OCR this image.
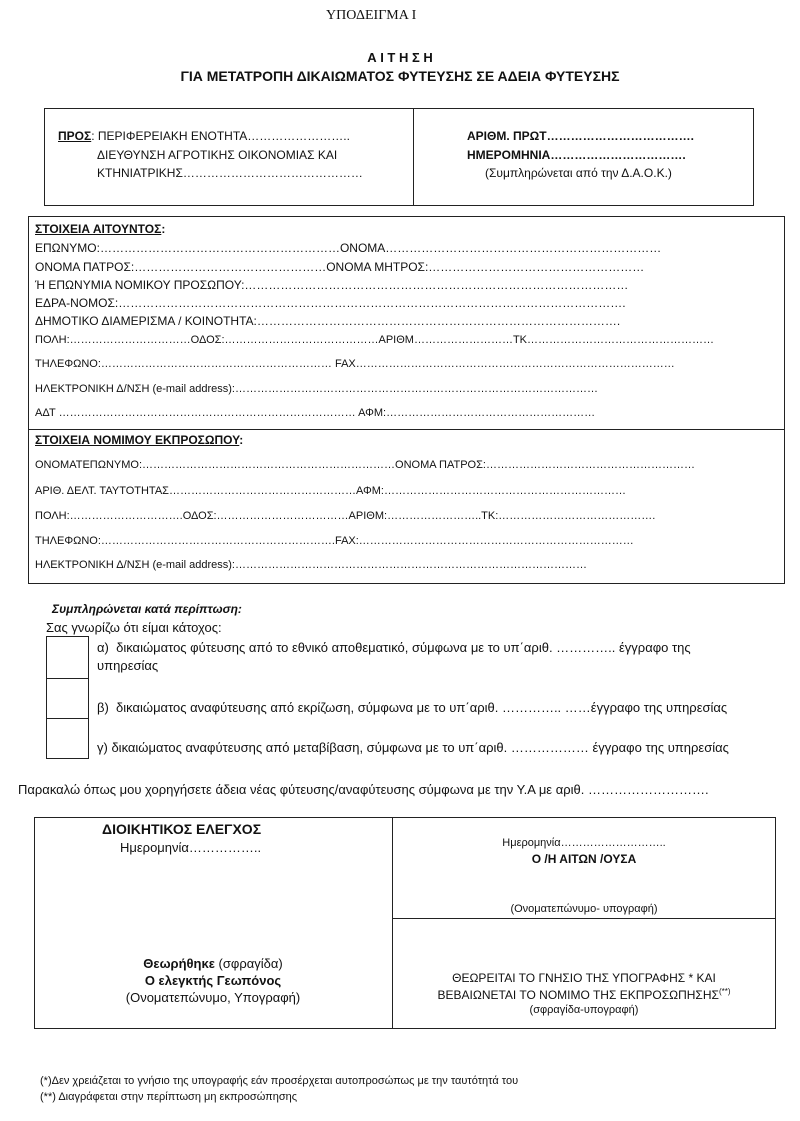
ΥΠΟΔΕΙΓΜΑ Ι
Α Ι Τ Η Σ Η
ΓΙΑ ΜΕΤΑΤΡΟΠΗ ΔΙΚΑΙΩΜΑΤΟΣ ΦΥΤΕΥΣΗΣ ΣΕ ΑΔΕΙΑ ΦΥΤΕΥΣΗΣ
ΠΡΟΣ: ΠΕΡΙΦΕΡΕΙΑΚΗ ΕΝΟΤΗΤΑ……………………..
ΔΙΕΥΘΥΝΣΗ ΑΓΡΟΤΙΚΗΣ ΟΙΚΟΝΟΜΙΑΣ ΚΑΙ
ΚΤΗΝΙΑΤΡΙΚΗΣ………………………………………
ΑΡΙΘΜ. ΠΡΩΤ……………………………….
ΗΜΕΡΟΜΗΝΙΑ…………………………….
(Συμπληρώνεται από την Δ.Α.Ο.Κ.)
ΣΤΟΙΧΕΙΑ ΑΙΤΟΥΝΤΟΣ:
ΕΠΩΝΥΜΟ:……………………………………………………ΟΝΟΜΑ……………………………………………………………
ΟΝΟΜΑ ΠΑΤΡΟΣ:…………………………………………ΟΝΟΜΑ ΜΗΤΡΟΣ:………………………………………………
Ή ΕΠΩΝΥΜΙΑ ΝΟΜΙΚΟΥ ΠΡΟΣΩΠΟΥ:……………………………………………………………………………………
ΕΔΡΑ-ΝΟΜΟΣ:……………………………………………………………………………………………………………….
ΔΗΜΟΤΙΚΟ ΔΙΑΜΕΡΙΣΜΑ / ΚΟΙΝΟΤΗΤΑ:……………………………………………………………………………….
ΠΟΛΗ:……………………………ΟΔΟΣ:……………………………………ΑΡΙΘΜ………………………ΤΚ……………………………………………
ΤΗΛΕΦΩΝΟ:……………………………………………………… FAX……………………………………………………………………………
ΗΛΕΚΤΡΟΝΙΚΗ Δ/ΝΣΗ (e-mail address):………………………………………………………………………………………
ΑΔΤ ……………………………………………………………………… ΑΦΜ:…………………………………………………
ΣΤΟΙΧΕΙΑ ΝΟΜΙΜΟΥ ΕΚΠΡΟΣΩΠΟΥ:
ΟΝΟΜΑΤΕΠΩΝΥΜΟ:……………………………………………………………ΟΝΟΜΑ ΠΑΤΡΟΣ:…………………………………………………
ΑΡΙΘ. ΔΕΛΤ. ΤΑΥΤΟΤΗΤΑΣ……………………………………………ΑΦΜ:…………………………………………………………
ΠΟΛΗ:………………………….ΟΔΟΣ:………………………………ΑΡΙΘΜ:……………………..ΤΚ:…………………………………….
ΤΗΛΕΦΩΝΟ:……………………………………………………….FAX:…………………………………………………………………
ΗΛΕΚΤΡΟΝΙΚΗ Δ/ΝΣΗ (e-mail address):……………………………………………………………………………………
Συμπληρώνεται κατά περίπτωση:
Σας γνωρίζω ότι είμαι κάτοχος:
α) δικαιώματος φύτευσης από το εθνικό αποθεματικό, σύμφωνα με το υπ΄αριθ. ………….. έγγραφο της
υπηρεσίας
β) δικαιώματος αναφύτευσης από εκρίζωση, σύμφωνα με το υπ΄αριθ. ………….. ……έγγραφο της υπηρεσίας
γ) δικαιώματος αναφύτευσης από μεταβίβαση, σύμφωνα με το υπ΄αριθ. ……………… έγγραφο της υπηρεσίας
Παρακαλώ όπως μου χορηγήσετε άδεια νέας φύτευσης/αναφύτευσης σύμφωνα με την Υ.Α με αριθ. ……………………….
ΔΙΟΙΚΗΤΙΚΟΣ ΕΛΕΓΧΟΣ
Ημερομηνία……………..
Θεωρήθηκε (σφραγίδα)
Ο ελεγκτής Γεωπόνος
(Ονοματεπώνυμο, Υπογραφή)
Ημερομηνία………………………..
Ο /Η ΑΙΤΩΝ /ΟΥΣΑ
(Ονοματεπώνυμο- υπογραφή)
ΘΕΩΡΕΙΤΑΙ ΤΟ ΓΝΗΣΙΟ ΤΗΣ ΥΠΟΓΡΑΦΗΣ * ΚΑΙ
ΒΕΒΑΙΩΝΕΤΑΙ ΤΟ ΝΟΜΙΜΟ ΤΗΣ ΕΚΠΡΟΣΩΠΗΣΗΣ(**)
(σφραγίδα-υπογραφή)
(*)Δεν χρειάζεται το γνήσιο της υπογραφής εάν προσέρχεται αυτοπροσώπως με την ταυτότητά του
(**) Διαγράφεται στην περίπτωση μη εκπροσώπησης
